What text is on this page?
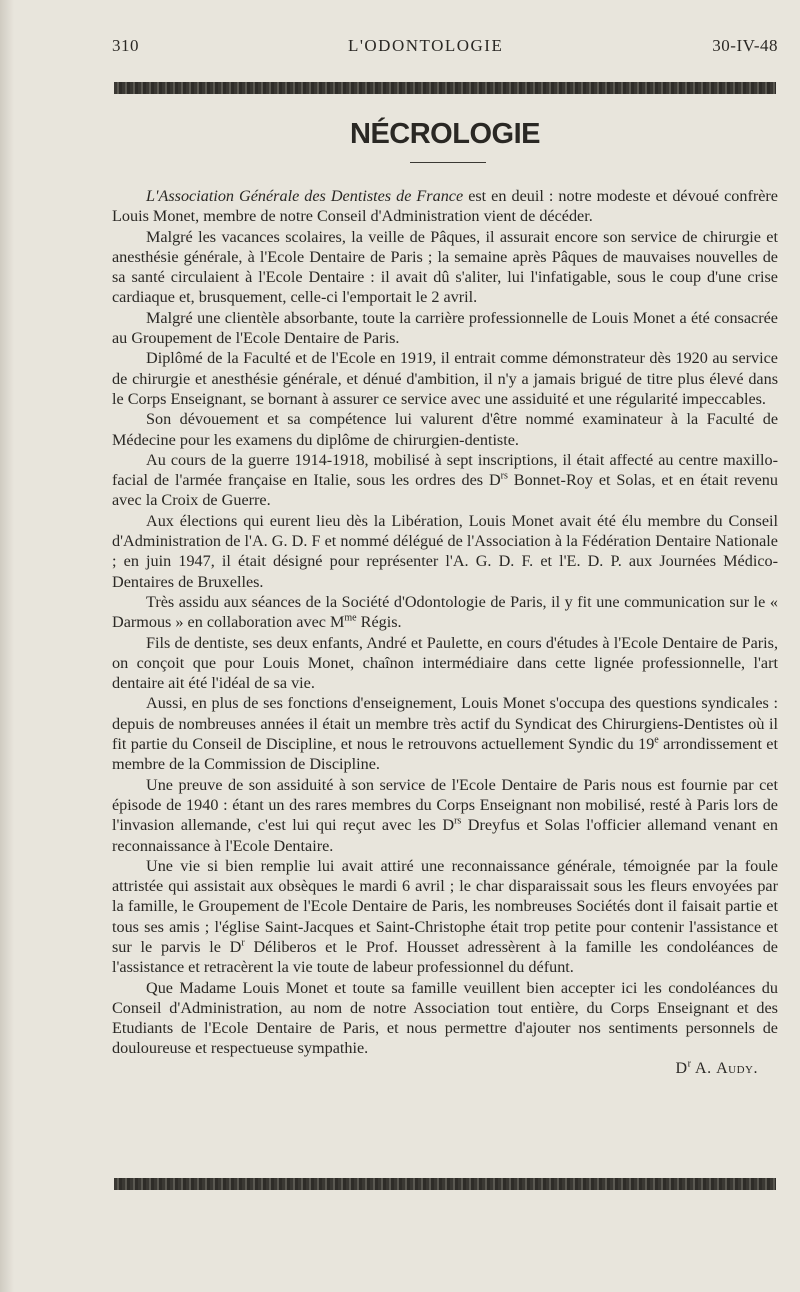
310	L'ODONTOLOGIE	30-IV-48
NÉCROLOGIE

L'Association Générale des Dentistes de France est en deuil : notre modeste et dévoué confrère Louis Monet, membre de notre Conseil d'Administration vient de décéder.

Malgré les vacances scolaires, la veille de Pâques, il assurait encore son service de chirurgie et anesthésie générale, à l'Ecole Dentaire de Paris ; la semaine après Pâques de mauvaises nouvelles de sa santé circulaient à l'Ecole Dentaire : il avait dû s'aliter, lui l'infatigable, sous le coup d'une crise cardiaque et, brusquement, celle-ci l'emportait le 2 avril.

Malgré une clientèle absorbante, toute la carrière professionnelle de Louis Monet a été consacrée au Groupement de l'Ecole Dentaire de Paris.

Diplômé de la Faculté et de l'Ecole en 1919, il entrait comme démonstrateur dès 1920 au service de chirurgie et anesthésie générale, et dénué d'ambition, il n'y a jamais brigué de titre plus élevé dans le Corps Enseignant, se bornant à assurer ce service avec une assiduité et une régularité impeccables.

Son dévouement et sa compétence lui valurent d'être nommé examinateur à la Faculté de Médecine pour les examens du diplôme de chirurgien-dentiste.

Au cours de la guerre 1914-1918, mobilisé à sept inscriptions, il était affecté au centre maxillo-facial de l'armée française en Italie, sous les ordres des $D^{rs}$ Bonnet-Roy et Solas, et en était revenu avec la Croix de Guerre.

Aux élections qui eurent lieu dès la Libération, Louis Monet avait été élu membre du Conseil d'Administration de l'A. G. D. F et nommé délégué de l'Association à la Fédération Dentaire Nationale ; en juin 1947, il était désigné pour représenter l'A. G. D. F. et l'E. D. P. aux Journées Médico-Dentaires de Bruxelles.

Très assidu aux séances de la Société d'Odontologie de Paris, il y fit une communication sur le « Darmous » en collaboration avec $M^{me}$ Régis.

Fils de dentiste, ses deux enfants, André et Paulette, en cours d'études à l'Ecole Dentaire de Paris, on conçoit que pour Louis Monet, chaînon intermédiaire dans cette lignée professionnelle, l'art dentaire ait été l'idéal de sa vie.

Aussi, en plus de ses fonctions d'enseignement, Louis Monet s'occupa des questions syndicales : depuis de nombreuses années il était un membre très actif du Syndicat des Chirurgiens-Dentistes où il fit partie du Conseil de Discipline, et nous le retrouvons actuellement Syndic du 19e arrondissement et membre de la Commission de Discipline.

Une preuve de son assiduité à son service de l'Ecole Dentaire de Paris nous est fournie par cet épisode de 1940 : étant un des rares membres du Corps Enseignant non mobilisé, resté à Paris lors de l'invasion allemande, c'est lui qui reçut avec les $D^{rs}$ Dreyfus et Solas l'officier allemand venant en reconnaissance à l'Ecole Dentaire.

Une vie si bien remplie lui avait attiré une reconnaissance générale, témoignée par la foule attristée qui assistait aux obsèques le mardi 6 avril ; le char disparaissait sous les fleurs envoyées par la famille, le Groupement de l'Ecole Dentaire de Paris, les nombreuses Sociétés dont il faisait partie et tous ses amis ; l'église Saint-Jacques et Saint-Christophe était trop petite pour contenir l'assistance et sur le parvis le $D^r$ Déliberos et le Prof. Housset adressèrent à la famille les condoléances de l'assistance et retracèrent la vie toute de labeur professionnel du défunt.

Que Madame Louis Monet et toute sa famille veuillent bien accepter ici les condoléances du Conseil d'Administration, au nom de notre Association tout entière, du Corps Enseignant et des Etudiants de l'Ecole Dentaire de Paris, et nous permettre d'ajouter nos sentiments personnels de douloureuse et respectueuse sympathie.

$D^r$ A. Audy.
